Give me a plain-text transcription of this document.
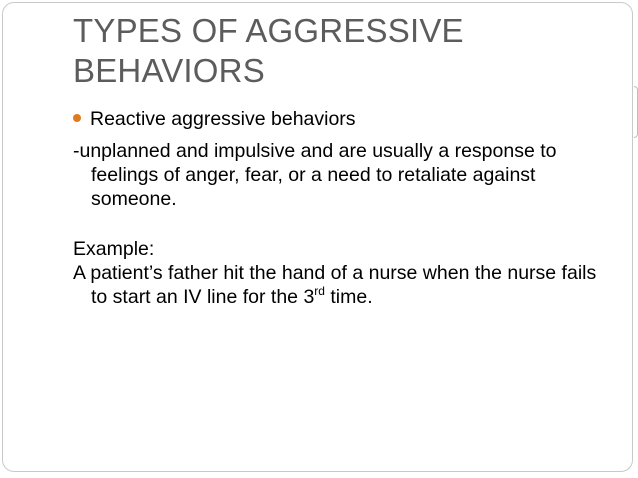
TYPES OF AGGRESSIVE BEHAVIORS
Reactive aggressive behaviors

-unplanned and impulsive and are usually a response to feelings of anger, fear, or a need to retaliate against someone.

Example:

A patient’s father hit the hand of a nurse when the nurse fails to start an IV line for the 3rd time.
